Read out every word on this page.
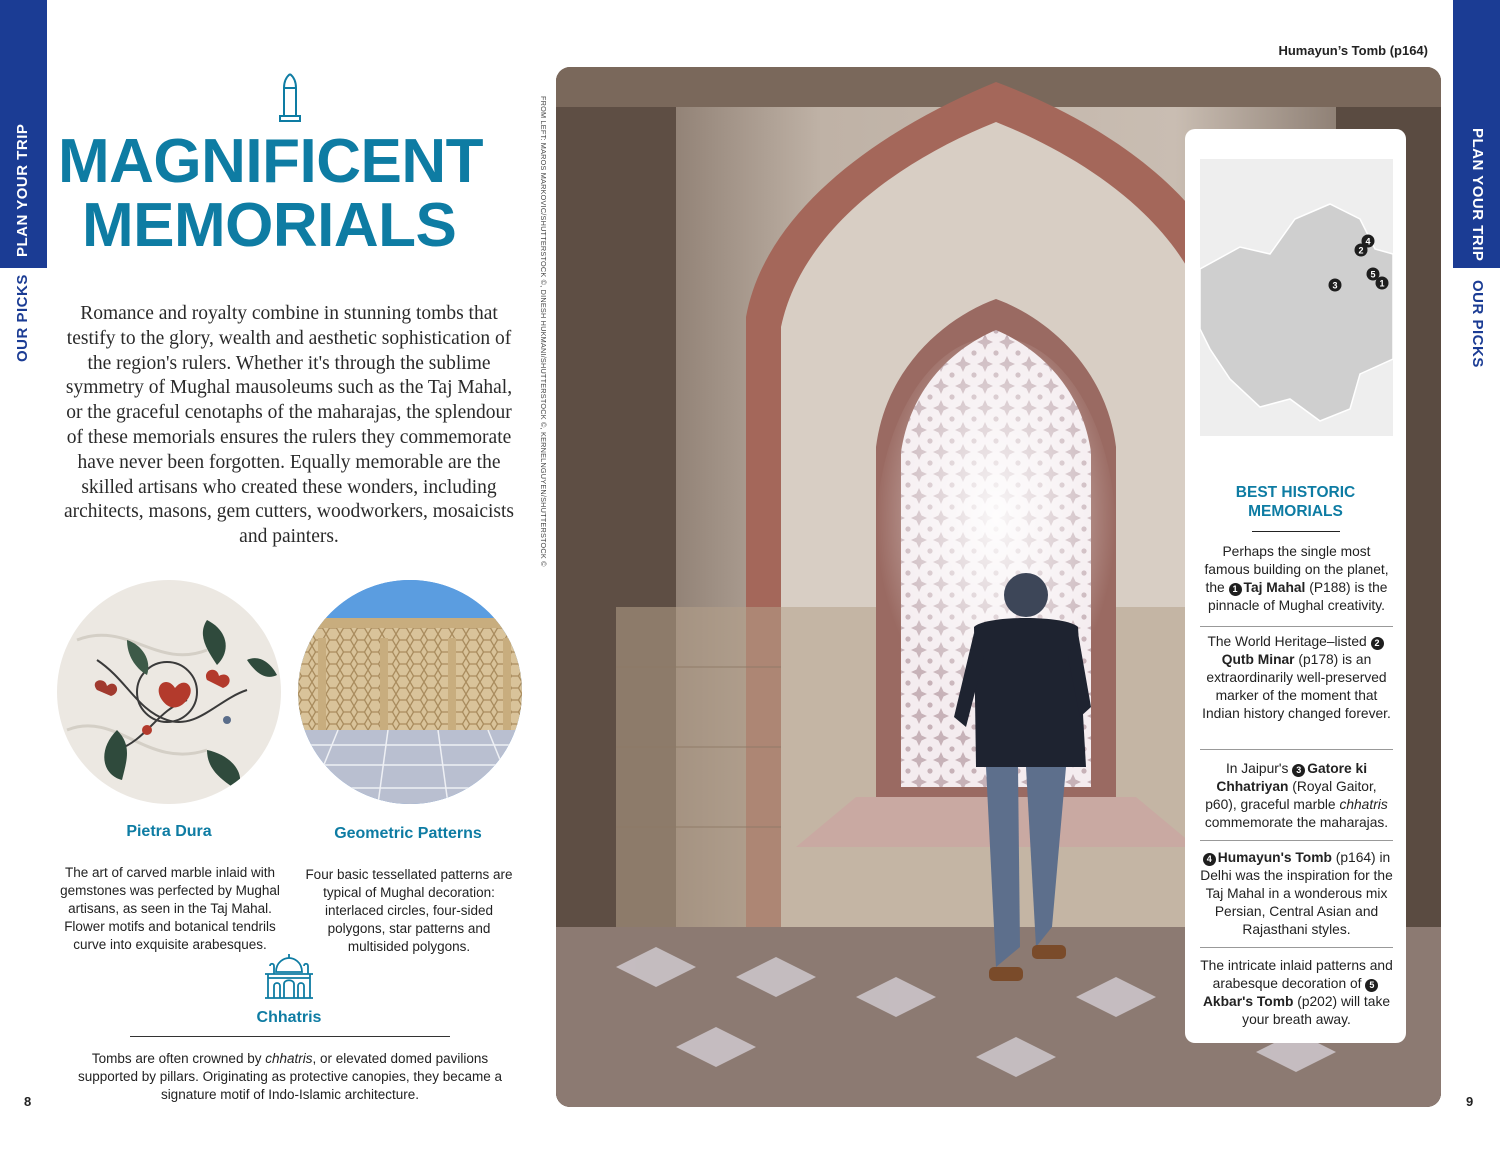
PLAN YOUR TRIP
OUR PICKS
PLAN YOUR TRIP
OUR PICKS
8	9
MAGNIFICENT
MEMORIALS

Romance and royalty combine in stunning tombs that testify to the glory, wealth and aesthetic sophistication of the region's rulers. Whether it's through the sublime symmetry of Mughal mausoleums such as the Taj Mahal, or the graceful cenotaphs of the maharajas, the splendour of these memorials ensures the rulers they commemorate have never been forgotten. Equally memorable are the skilled artisans who created these wonders, including architects, masons, gem cutters, woodworkers, mosaicists and painters.

Pietra Dura

The art of carved marble inlaid with gemstones was perfected by Mughal artisans, as seen in the Taj Mahal. Flower motifs and botanical tendrils curve into exquisite arabesques.

Geometric Patterns

Four basic tessellated patterns are typical of Mughal decoration: interlaced circles, four-sided polygons, star patterns and multisided polygons.

Chhatris

Tombs are often crowned by chhatris, or elevated domed pavilions supported by pillars. Originating as protective canopies, they became a signature motif of Indo-Islamic architecture.

FROM LEFT: MAROS MARKOVIC/SHUTTERSTOCK ©, DINESH HUKMANI/SHUTTERSTOCK ©, KERNELNGUYEN/SHUTTERSTOCK ©
Humayun’s Tomb (p164)
4
2
5
1
3
BEST HISTORIC
MEMORIALS

Perhaps the single most famous building on the planet, the 1 Taj Mahal (P188) is the pinnacle of Mughal creativity.

The World Heritage–listed 2Qutb Minar (p178) is an extraordinarily well-preserved marker of the moment that Indian history changed forever.

In Jaipur's 3 Gatore ki Chhatriyan (Royal Gaitor, p60), graceful marble chhatris commemorate the maharajas.

4 Humayun's Tomb (p164) in Delhi was the inspiration for the Taj Mahal in a wonderous mix Persian, Central Asian and Rajasthani styles.

The intricate inlaid patterns and arabesque decoration of 5Akbar's Tomb (p202) will take your breath away.
